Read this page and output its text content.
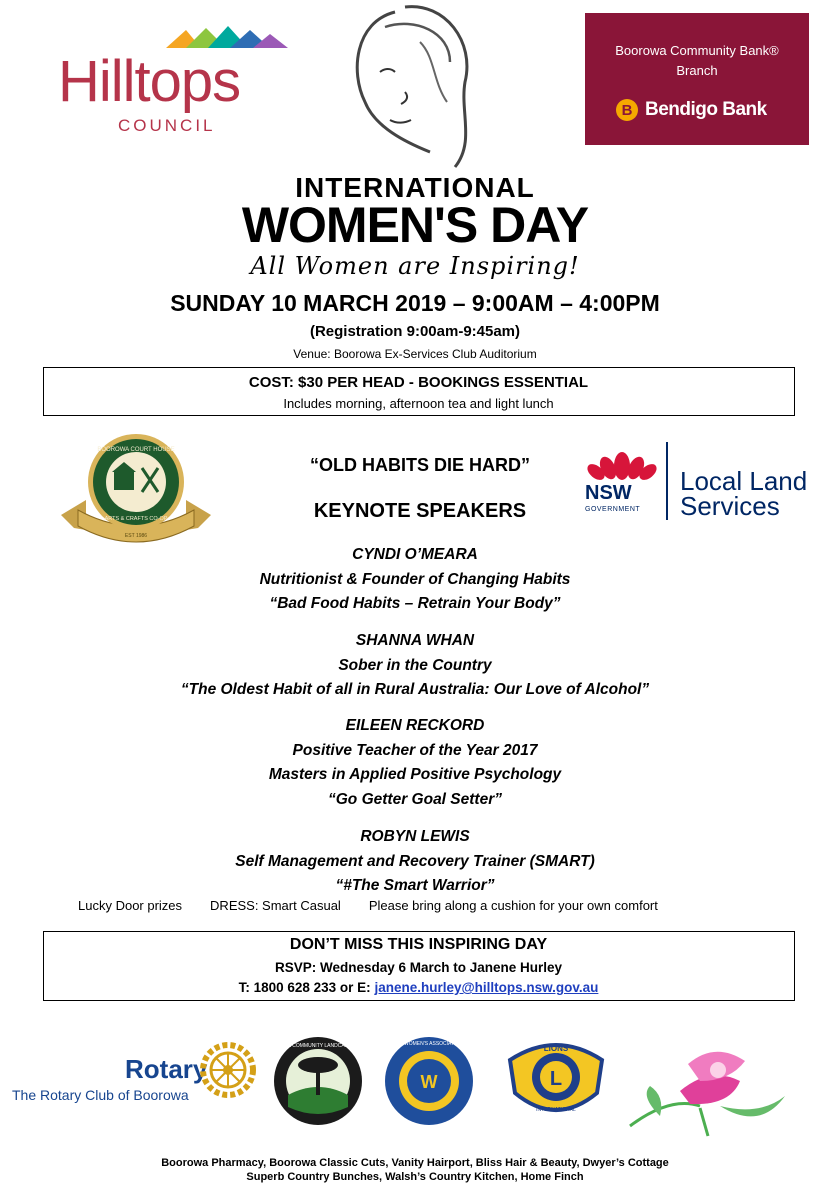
Hilltops
COUNCIL
Boorowa Community Bank®
Branch
B Bendigo Bank
INTERNATIONAL
WOMEN'S DAY
All Women are Inspiring!
SUNDAY 10 MARCH 2019 – 9:00AM – 4:00PM
(Registration 9:00am-9:45am)
Venue: Boorowa Ex-Services Club Auditorium
COST: $30 PER HEAD - BOOKINGS ESSENTIAL
Includes morning, afternoon tea and light lunch
BOOROWA COURT HOUSE
ARTS & CRAFTS CO-OP
EST 1986
“OLD HABITS DIE HARD”
KEYNOTE SPEAKERS
NSW
GOVERNMENT
Local Land
Services
CYNDI O’MEARA
Nutritionist & Founder of Changing Habits
“Bad Food Habits – Retrain Your Body”
SHANNA WHAN
Sober in the Country
“The Oldest Habit of all in Rural Australia: Our Love of Alcohol”
EILEEN RECKORD
Positive Teacher of the Year 2017
Masters in Applied Positive Psychology
“Go Getter Goal Setter”
ROBYN LEWIS
Self Management and Recovery Trainer (SMART)
“#The Smart Warrior”
Lucky Door prizes DRESS: Smart Casual Please bring along a cushion for your own comfort
DON’T MISS THIS INSPIRING DAY
RSVP: Wednesday 6 March to Janene Hurley
T: 1800 628 233 or E: janene.hurley@hilltops.nsw.gov.au
Rotary
The Rotary Club of Boorowa
BOOROWA COMMUNITY LANDCARE GROUP
W
COUNTRY WOMEN'S ASSOCIATION N.S.W.
L
LIONS
INTERNATIONAL
Boorowa Pharmacy, Boorowa Classic Cuts, Vanity Hairport, Bliss Hair & Beauty, Dwyer’s Cottage
Superb Country Bunches, Walsh’s Country Kitchen, Home Finch
